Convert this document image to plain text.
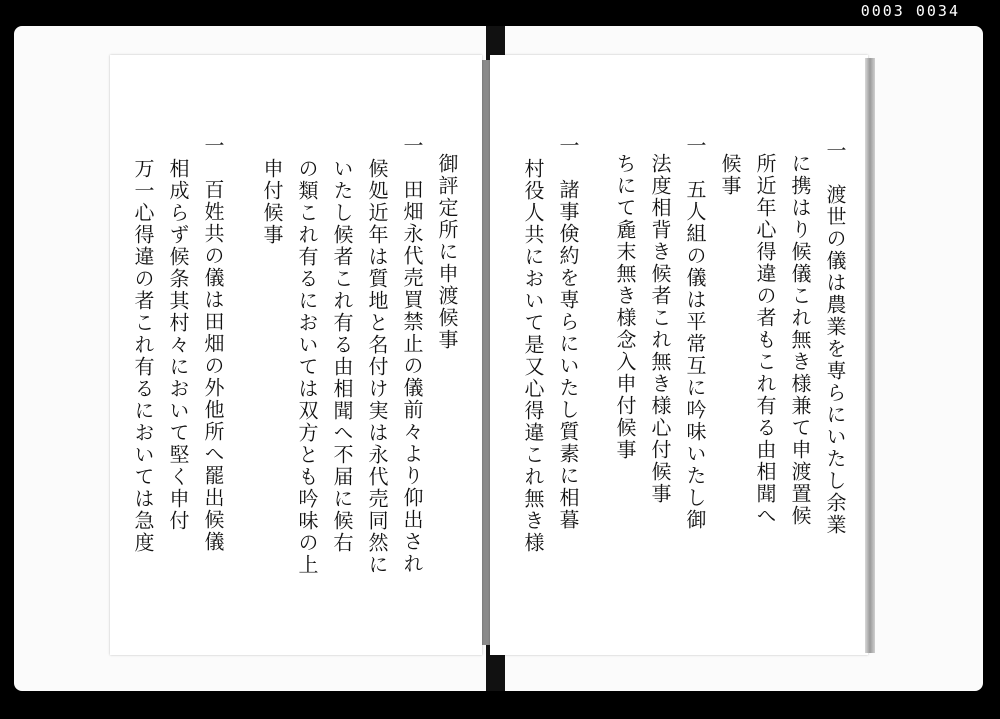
0003 0034
御評定所に申渡候事
一　田畑永代売買禁止の儀前々より仰出され
候処近年は質地と名付け実は永代売同然に
いたし候者これ有る由相聞へ不届に候右
の類これ有るにおいては双方とも吟味の上
申付候事
一　百姓共の儀は田畑の外他所へ罷出候儀
相成らず候条其村々において堅く申付
万一心得違の者これ有るにおいては急度	一　渡世の儀は農業を専らにいたし余業
に携はり候儀これ無き様兼て申渡置候
所近年心得違の者もこれ有る由相聞へ
候事
一　五人組の儀は平常互に吟味いたし御
法度相背き候者これ無き様心付候事
ちにて麁末無き様念入申付候事
一　諸事倹約を専らにいたし質素に相暮
村役人共において是又心得違これ無き様
